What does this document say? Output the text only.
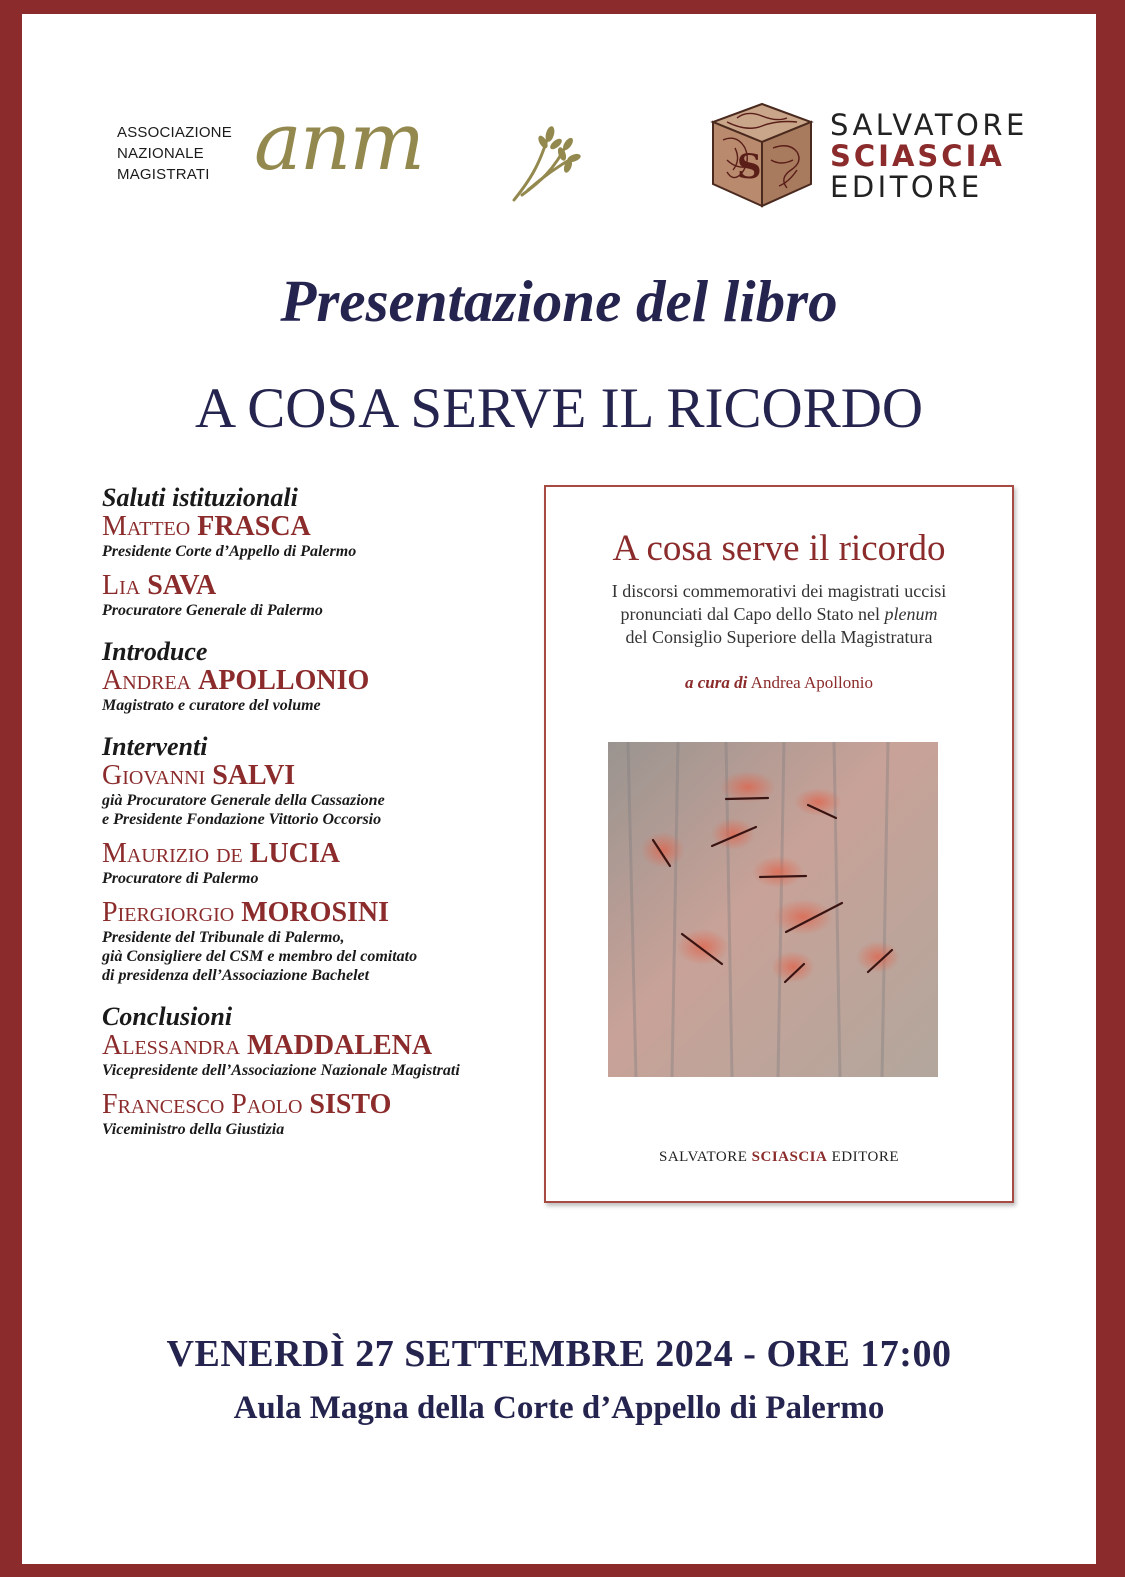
ASSOCIAZIONE
NAZIONALE
MAGISTRATI anm	S
SALVATORE
SCIASCIA
EDITORE
Presentazione del libro
A COSA SERVE IL RICORDO
Saluti istituzionali
Matteo FRASCA
Presidente Corte d’Appello di Palermo
Lia SAVA
Procuratore Generale di Palermo
Introduce
Andrea APOLLONIO
Magistrato e curatore del volume
Interventi
Giovanni SALVI
già Procuratore Generale della Cassazione
e Presidente Fondazione Vittorio Occorsio
Maurizio de LUCIA
Procuratore di Palermo
Piergiorgio MOROSINI
Presidente del Tribunale di Palermo,
già Consigliere del CSM e membro del comitato
di presidenza dell’Associazione Bachelet
Conclusioni
Alessandra MADDALENA
Vicepresidente dell’Associazione Nazionale Magistrati
Francesco Paolo SISTO
Viceministro della Giustizia
A cosa serve il ricordo
I discorsi commemorativi dei magistrati uccisi
pronunciati dal Capo dello Stato nel plenum
del Consiglio Superiore della Magistratura
a cura di Andrea Apollonio
SALVATORE SCIASCIA EDITORE
VENERDÌ 27 SETTEMBRE 2024 - ORE 17:00
Aula Magna della Corte d’Appello di Palermo
